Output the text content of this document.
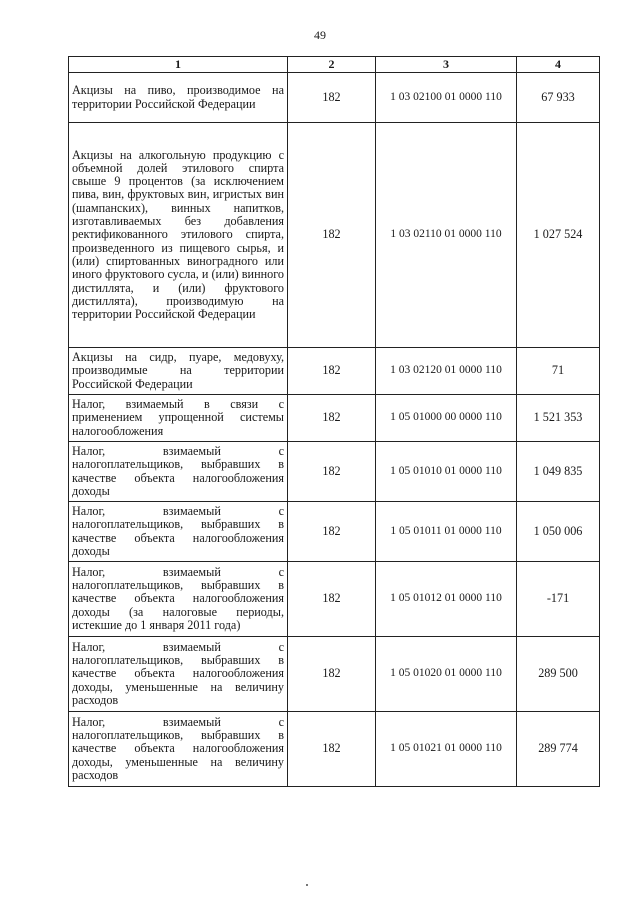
49
1	2	3	4
Акцизы на пиво, производимое на территории Российской Федерации	182	1 03 02100 01 0000 110	67 933
Акцизы на алкогольную продукцию с объемной долей этилового спирта свыше 9 процентов (за исключением пива, вин, фруктовых вин, игристых вин (шампанских), винных напитков, изготавливаемых без добавления ректификованного этилового спирта, произведенного из пищевого сырья, и (или) спиртованных виноградного или иного фруктового сусла, и (или) винного дистиллята, и (или) фруктового дистиллята), производимую на территории Российской Федерации	182	1 03 02110 01 0000 110	1 027 524
Акцизы на сидр, пуаре, медовуху, производимые на территории Российской Федерации	182	1 03 02120 01 0000 110	71
Налог, взимаемый в связи с применением упрощенной системы налогообложения	182	1 05 01000 00 0000 110	1 521 353
Налог, взимаемый с налогоплательщиков, выбравших в качестве объекта налогообложения доходы	182	1 05 01010 01 0000 110	1 049 835
Налог, взимаемый с налогоплательщиков, выбравших в качестве объекта налогообложения доходы	182	1 05 01011 01 0000 110	1 050 006
Налог, взимаемый с налогоплательщиков, выбравших в качестве объекта налогообложения доходы (за налоговые периоды, истекшие до 1 января 2011 года)	182	1 05 01012 01 0000 110	-171
Налог, взимаемый с налогоплательщиков, выбравших в качестве объекта налогообложения доходы, уменьшенные на величину расходов	182	1 05 01020 01 0000 110	289 500
Налог, взимаемый с налогоплательщиков, выбравших в качестве объекта налогообложения доходы, уменьшенные на величину расходов	182	1 05 01021 01 0000 110	289 774
